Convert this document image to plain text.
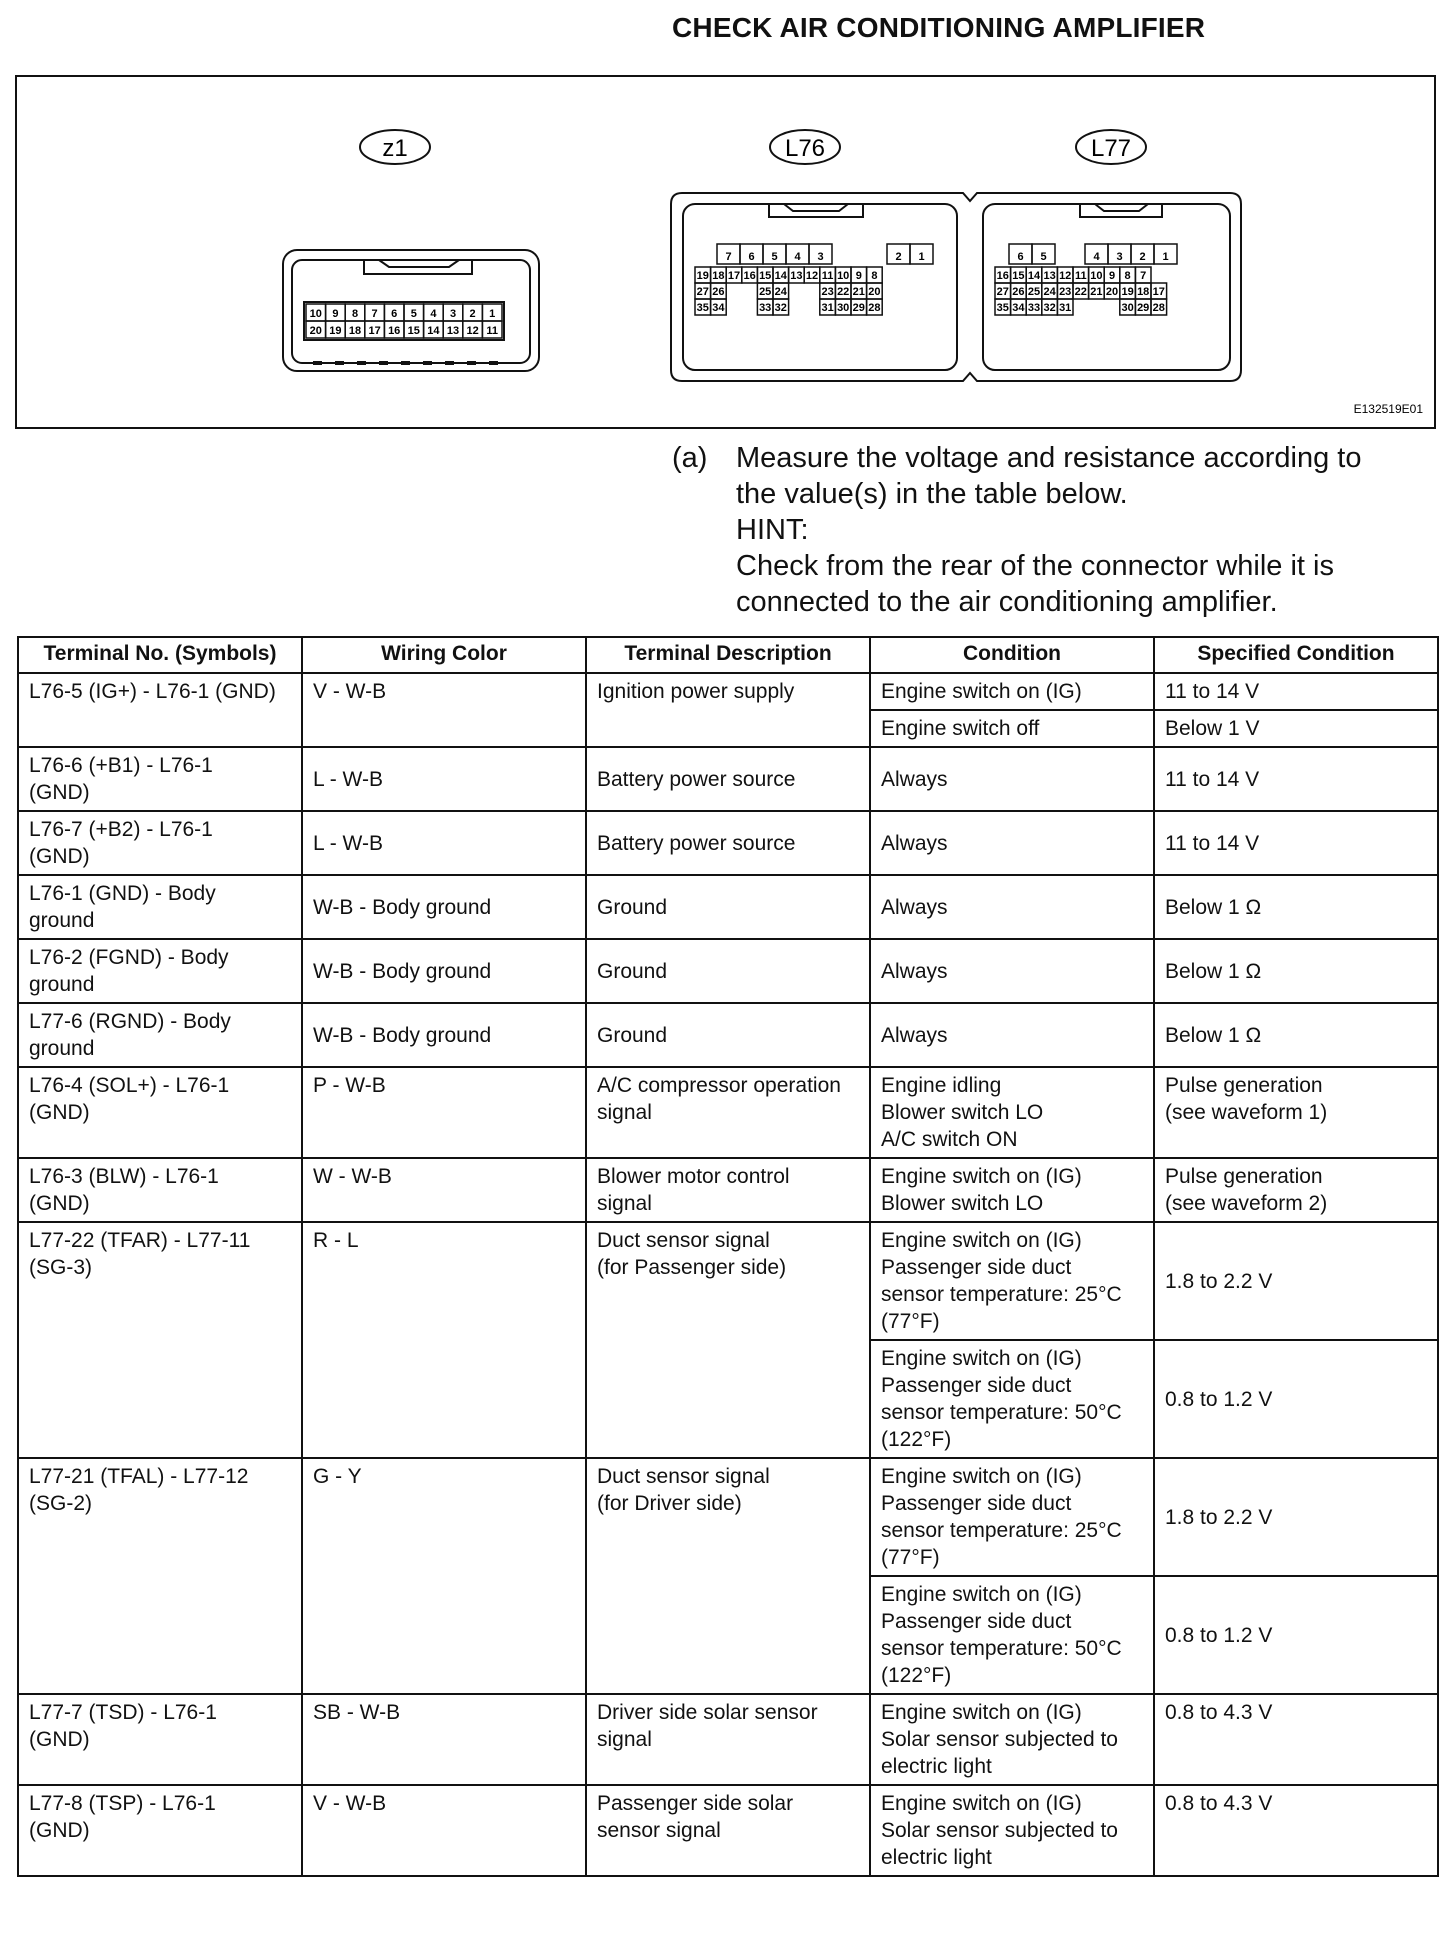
CHECK AIR CONDITIONING AMPLIFIER
10 9 8 7 6 5 4 3 2 1
20 19 18 17 16 15 14 13 12 11
7 6 5 4 3	2 1
19 18 17 16 15 14 13 12 11 10 9 8
27 26	25 24	23 22 21 20
35 34	33 32	31 30 29 28
6 5	4 3 2 1
16 15 14 13 12 11 10 9 8 7
27 26 25 24 23 22 21 20 19 18 17
35 34 33 32 31	30 29 28
z1	L76	L77
E132519E01
(a) Measure the voltage and resistance according to
the value(s) in the table below.
HINT:
Check from the rear of the connector while it is
connected to the air conditioning amplifier.
Terminal No. (Symbols)	Wiring Color	Terminal Description	Condition	Specified Condition
L76-5 (IG+) - L76-1 (GND)	V - W-B	Ignition power supply	Engine switch on (IG)	11 to 14 V
			Engine switch off	Below 1 V
L76-6 (+B1) - L76-1
(GND)	L - W-B	Battery power source	Always	11 to 14 V
L76-7 (+B2) - L76-1
(GND)	L - W-B	Battery power source	Always	11 to 14 V
L76-1 (GND) - Body
ground	W-B - Body ground	Ground	Always	Below 1 Ω
L76-2 (FGND) - Body
ground	W-B - Body ground	Ground	Always	Below 1 Ω
L77-6 (RGND) - Body
ground	W-B - Body ground	Ground	Always	Below 1 Ω
L76-4 (SOL+) - L76-1
(GND)	P - W-B	A/C compressor operation
signal	Engine idling
Blower switch LO
A/C switch ON	Pulse generation
(see waveform 1)
L76-3 (BLW) - L76-1
(GND)	W - W-B	Blower motor control
signal	Engine switch on (IG)
Blower switch LO	Pulse generation
(see waveform 2)
L77-22 (TFAR) - L77-11
(SG-3)	R - L	Duct sensor signal
(for Passenger side)	Engine switch on (IG)
Passenger side duct
sensor temperature: 25°C
(77°F)	1.8 to 2.2 V
			Engine switch on (IG)
Passenger side duct
sensor temperature: 50°C
(122°F)	0.8 to 1.2 V
L77-21 (TFAL) - L77-12
(SG-2)	G - Y	Duct sensor signal
(for Driver side)	Engine switch on (IG)
Passenger side duct
sensor temperature: 25°C
(77°F)	1.8 to 2.2 V
			Engine switch on (IG)
Passenger side duct
sensor temperature: 50°C
(122°F)	0.8 to 1.2 V
L77-7 (TSD) - L76-1
(GND)	SB - W-B	Driver side solar sensor
signal	Engine switch on (IG)
Solar sensor subjected to
electric light	0.8 to 4.3 V
L77-8 (TSP) - L76-1
(GND)	V - W-B	Passenger side solar
sensor signal	Engine switch on (IG)
Solar sensor subjected to
electric light	0.8 to 4.3 V
